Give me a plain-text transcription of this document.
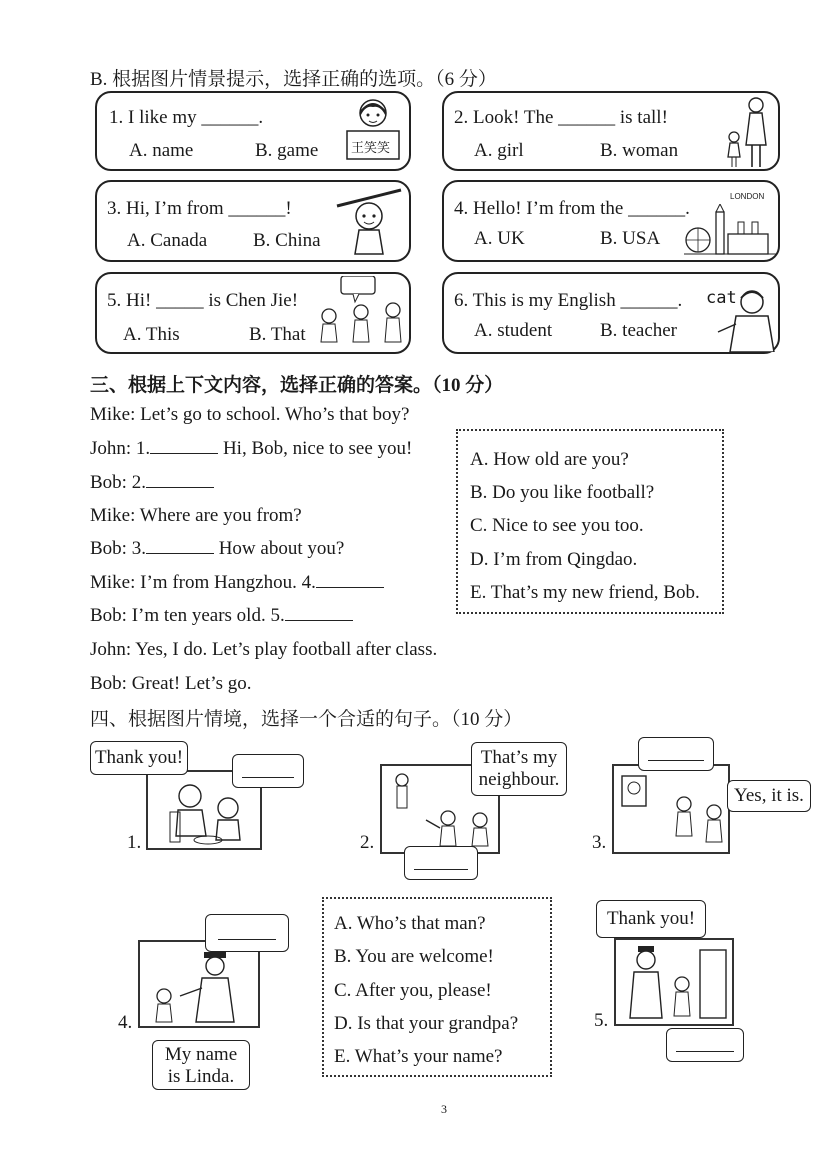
B. 根据图片情景提示，选择正确的选项。（6 分）
1. I like my ______.
A. name	B. game	王笑笑
2. Look! The ______ is tall!
A. girl	B. woman
3. Hi, I’m from ______!
A. Canada B. China
4. Hello! I’m from the ______.
A. UK	B. USA
LONDON
5. Hi! _____ is Chen Jie!
A. This	B. That
6. This is my English ______.
A. student	B. teacher
cat
三、根据上下文内容，选择正确的答案。（10 分）
Mike: Let’s go to school. Who’s that boy?
John: 1.	Hi, Bob, nice to see you!
Bob: 2.
Mike: Where are you from?
Bob: 3.	How about you?
Mike: I’m from Hangzhou. 4.
Bob: I’m ten years old. 5.
John: Yes, I do. Let’s play football after class.
Bob: Great! Let’s go.
A. How old are you?
B. Do you like football?
C. Nice to see you too.
D. I’m from Qingdao.
E. That’s my new friend, Bob.
四、根据图片情境，选择一个合适的句子。（10 分）
1.
Thank you!
2.
That’s my
neighbour.
3.
Yes, it is.
A. Who’s that man?
B. You are welcome!
C. After you, please!
D. Is that your grandpa?
E. What’s your name?
4.
My name
is Linda.
5.
Thank you!
3
